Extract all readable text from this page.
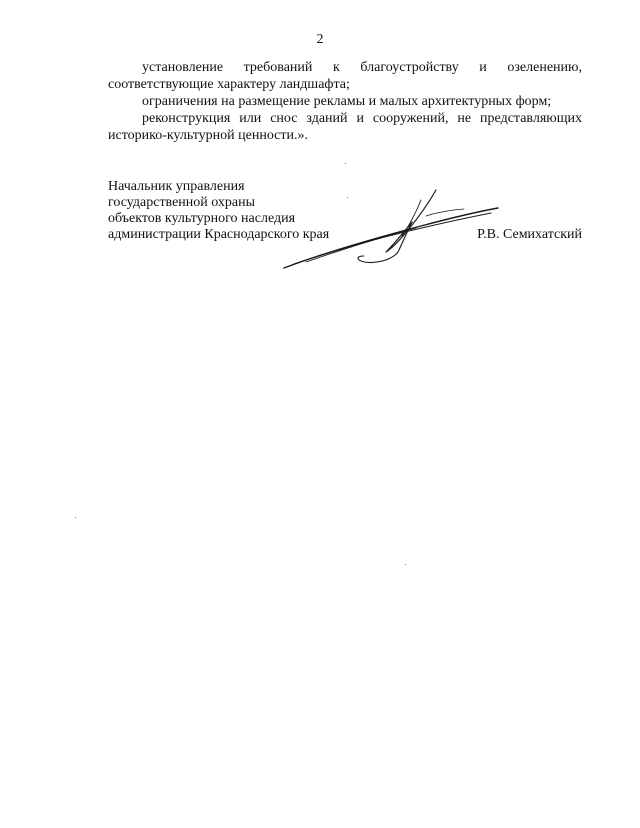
2

установление требований к благоустройству и озеленению, соответствующие характеру ландшафта;

ограничения на размещение рекламы и малых архитектурных форм;

реконструкция или снос зданий и сооружений, не представляющих историко-культурной ценности.».

Начальник управления
государственной охраны
объектов культурного наследия
администрации Краснодарского края	Р.В. Семихатский
